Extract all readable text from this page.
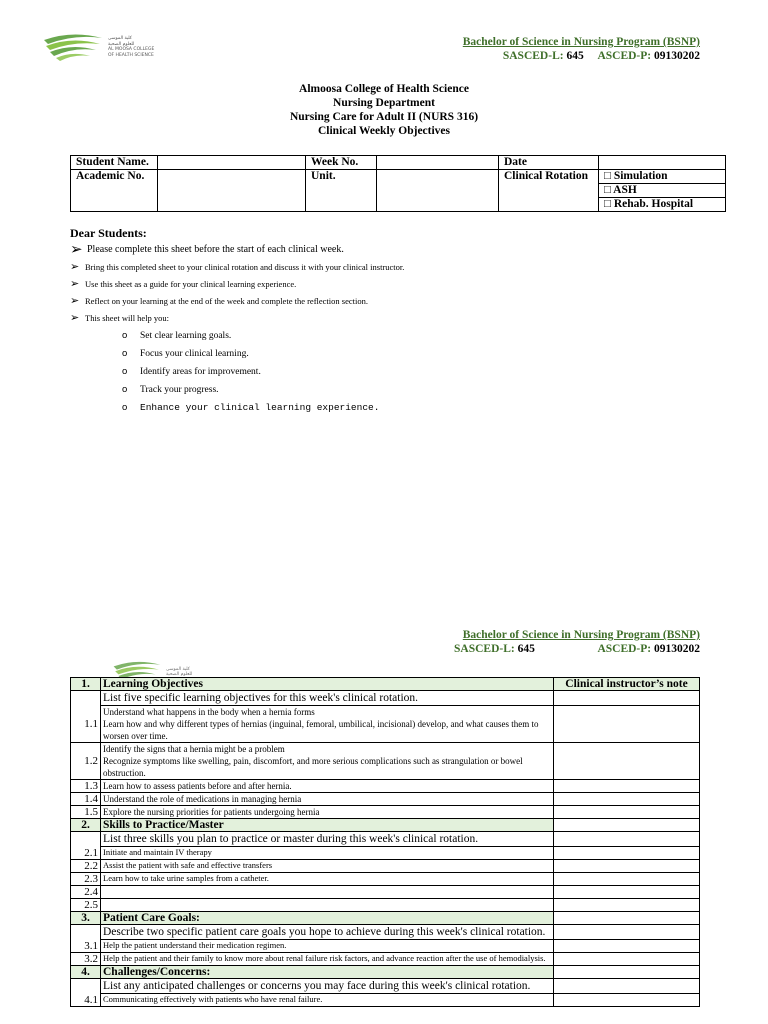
كلية الموسى
للعلوم الصحية
AL MOOSA COLLEGE
OF HEALTH SCIENCE
Bachelor of Science in Nursing Program (BSNP)
SASCED-L: 645 ASCED-P: 09130202
Almoosa College of Health Science
Nursing Department
Nursing Care for Adult II (NURS 316)
Clinical Weekly Objectives
Student Name.		Week No.		Date	
Academic No.		Unit.		Clinical Rotation	□ Simulation
					□ ASH
					□ Rehab. Hospital
Dear Students:
➢ Please complete this sheet before the start of each clinical week.
➢ Bring this completed sheet to your clinical rotation and discuss it with your clinical instructor.
➢ Use this sheet as a guide for your clinical learning experience.
➢ Reflect on your learning at the end of the week and complete the reflection section.
➢ This sheet will help you:
o	Set clear learning goals.
o	Focus your clinical learning.
o	Identify areas for improvement.
o	Track your progress.
o	Enhance your clinical learning experience.
Bachelor of Science in Nursing Program (BSNP)
SASCED-L: 645	ASCED-P: 09130202
كلية الموسى
للعلوم الصحية
1.	Learning Objectives	Clinical instructor’s note
	List five specific learning objectives for this week's clinical rotation.	
1.1	Understand what happens in the body when a hernia forms
Learn how and why different types of hernias (inguinal, femoral, umbilical, incisional) develop, and what causes them to worsen over time.	
1.2	Identify the signs that a hernia might be a problem
Recognize symptoms like swelling, pain, discomfort, and more serious complications such as strangulation or bowel obstruction.	
1.3	Learn how to assess patients before and after hernia.	
1.4	Understand the role of medications in managing hernia	
1.5	Explore the nursing priorities for patients undergoing hernia	
2.	Skills to Practice/Master	
	List three skills you plan to practice or master during this week's clinical rotation.	
2.1	Initiate and maintain IV therapy	
2.2	Assist the patient with safe and effective transfers	
2.3	Learn how to take urine samples from a catheter.	
2.4		
2.5		
3.	Patient Care Goals:	
	Describe two specific patient care goals you hope to achieve during this week's clinical rotation.	
3.1	Help the patient understand their medication regimen.	
3.2	Help the patient and their family to know more about renal failure risk factors, and advance reaction after the use of hemodialysis.	
4.	Challenges/Concerns:	
	List any anticipated challenges or concerns you may face during this week's clinical rotation.	
4.1	Communicating effectively with patients who have renal failure.	
